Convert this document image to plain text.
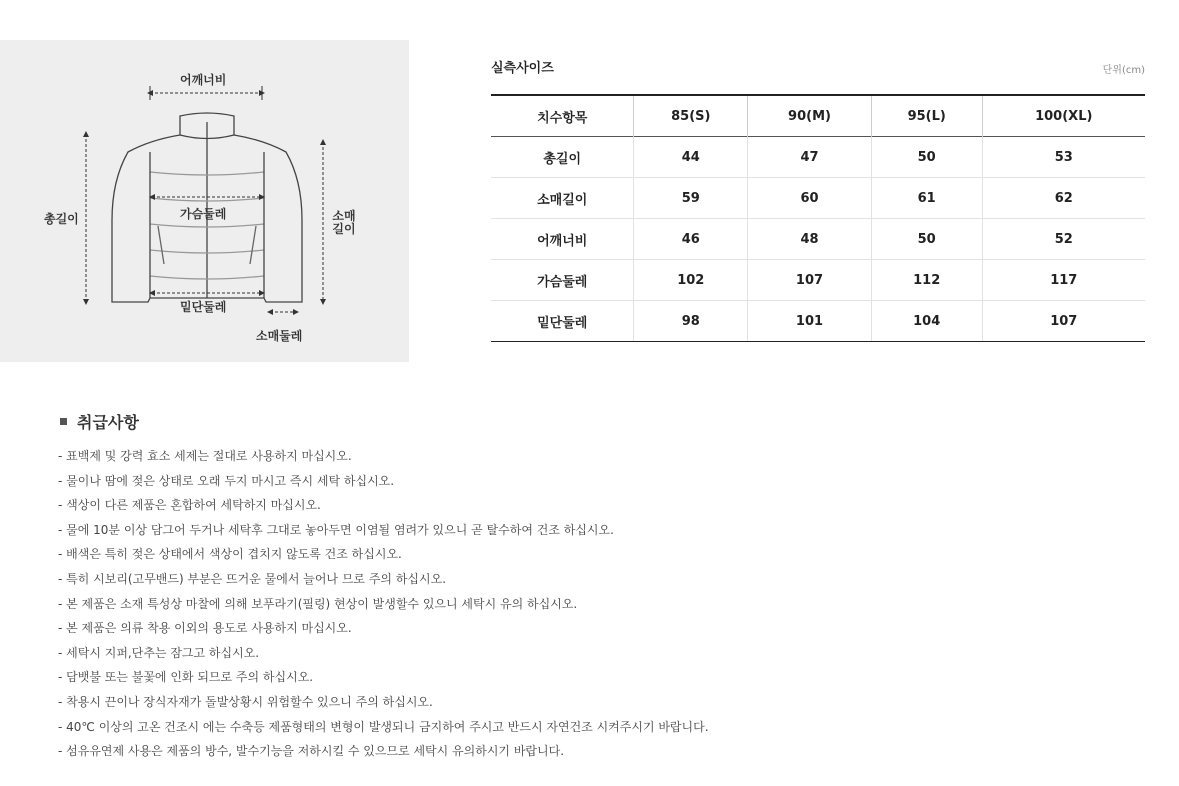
어깨너비
총길이	가슴둘레	소매
길이
밑단둘레
소매둘레
실측사이즈	단위(cm)
치수항목	85(S)	90(M)	95(L)	100(XL)
총길이	44	47	50	53
소매길이	59	60	61	62
어깨너비	46	48	50	52
가슴둘레	102	107	112	117
밑단둘레	98	101	104	107
취급사항
- 표백제 및 강력 효소 세제는 절대로 사용하지 마십시오.
- 물이나 땀에 젖은 상태로 오래 두지 마시고 즉시 세탁 하십시오.
- 색상이 다른 제품은 혼합하여 세탁하지 마십시오.
- 물에 10분 이상 담그어 두거나 세탁후 그대로 놓아두면 이염될 염려가 있으니 곧 탈수하여 건조 하십시오.
- 배색은 특히 젖은 상태에서 색상이 겹치지 않도록 건조 하십시오.
- 특히 시보리(고무밴드) 부분은 뜨거운 물에서 늘어나 므로 주의 하십시오.
- 본 제품은 소재 특성상 마찰에 의해 보푸라기(필링) 현상이 발생할수 있으니 세탁시 유의 하십시오.
- 본 제품은 의류 착용 이외의 용도로 사용하지 마십시오.
- 세탁시 지퍼,단추는 잠그고 하십시오.
- 담뱃불 또는 불꽃에 인화 되므로 주의 하십시오.
- 착용시 끈이나 장식자재가 돌발상황시 위험할수 있으니 주의 하십시오.
- 40℃ 이상의 고온 건조시 에는 수축등 제품형태의 변형이 발생되니 금지하여 주시고 반드시 자연건조 시켜주시기 바랍니다.
- 섬유유연제 사용은 제품의 방수, 발수기능을 저하시킬 수 있으므로 세탁시 유의하시기 바랍니다.
